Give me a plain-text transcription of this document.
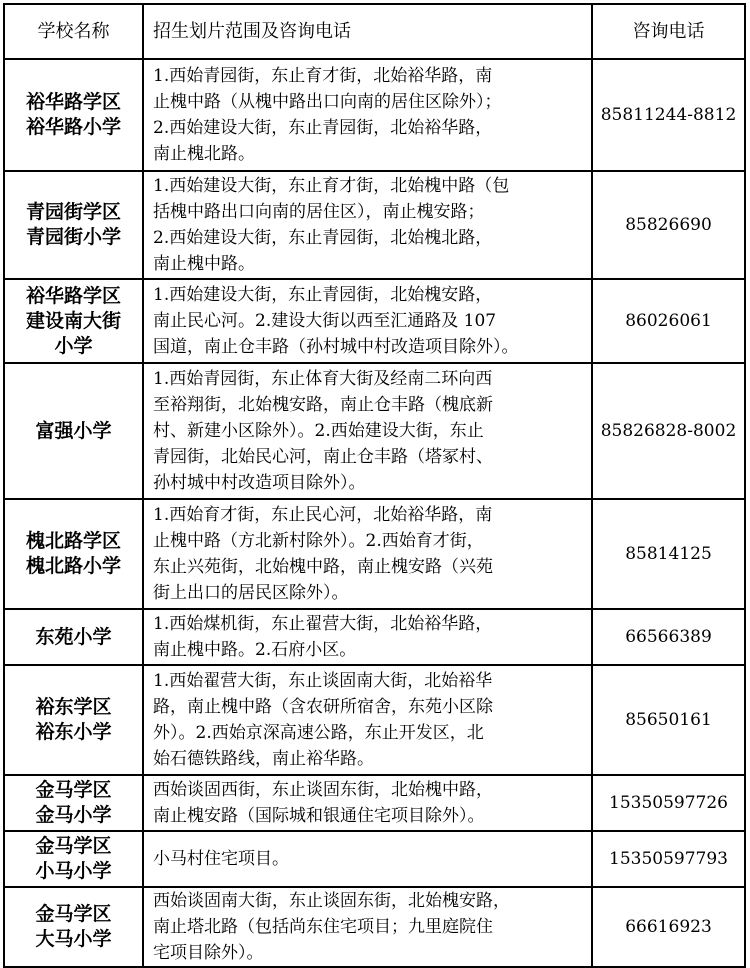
学校名称	招生划片范围及咨询电话	咨询电话

裕华路学区
裕华路小学	1.西始青园街，东止育才街，北始裕华路，南
止槐中路（从槐中路出口向南的居住区除外）；
2.西始建设大街，东止青园街，北始裕华路，
南止槐北路。	85811244-8812

青园街学区
青园街小学	1.西始建设大街，东止育才街，北始槐中路（包
括槐中路出口向南的居住区），南止槐安路；
2.西始建设大街，东止青园街，北始槐北路，
南止槐中路。	85826690

裕华路学区
建设南大街
小学	1.西始建设大街，东止青园街，北始槐安路，
南止民心河。2.建设大街以西至汇通路及 107
国道，南止仓丰路（孙村城中村改造项目除外）。	86026061

富强小学	1.西始青园街，东止体育大街及经南二环向西
至裕翔街，北始槐安路，南止仓丰路（槐底新
村、新建小区除外）。2.西始建设大街，东止
青园街，北始民心河，南止仓丰路（塔冢村、
孙村城中村改造项目除外）。	85826828-8002

槐北路学区
槐北路小学	1.西始育才街，东止民心河，北始裕华路，南
止槐中路（方北新村除外）。2.西始育才街，
东止兴苑街，北始槐中路，南止槐安路（兴苑
街上出口的居民区除外）。	85814125

东苑小学	1.西始煤机街，东止翟营大街，北始裕华路，
南止槐中路。2.石府小区。	66566389

裕东学区
裕东小学	1.西始翟营大街，东止谈固南大街，北始裕华
路，南止槐中路（含农研所宿舍，东苑小区除
外）。2.西始京深高速公路，东止开发区，北
始石德铁路线，南止裕华路。	85650161

金马学区
金马小学	西始谈固西街，东止谈固东街，北始槐中路，
南止槐安路（国际城和银通住宅项目除外）。	15350597726

金马学区
小马小学	小马村住宅项目。	15350597793

金马学区
大马小学	西始谈固南大街，东止谈固东街，北始槐安路，
南止塔北路（包括尚东住宅项目；九里庭院住
宅项目除外）。	66616923
